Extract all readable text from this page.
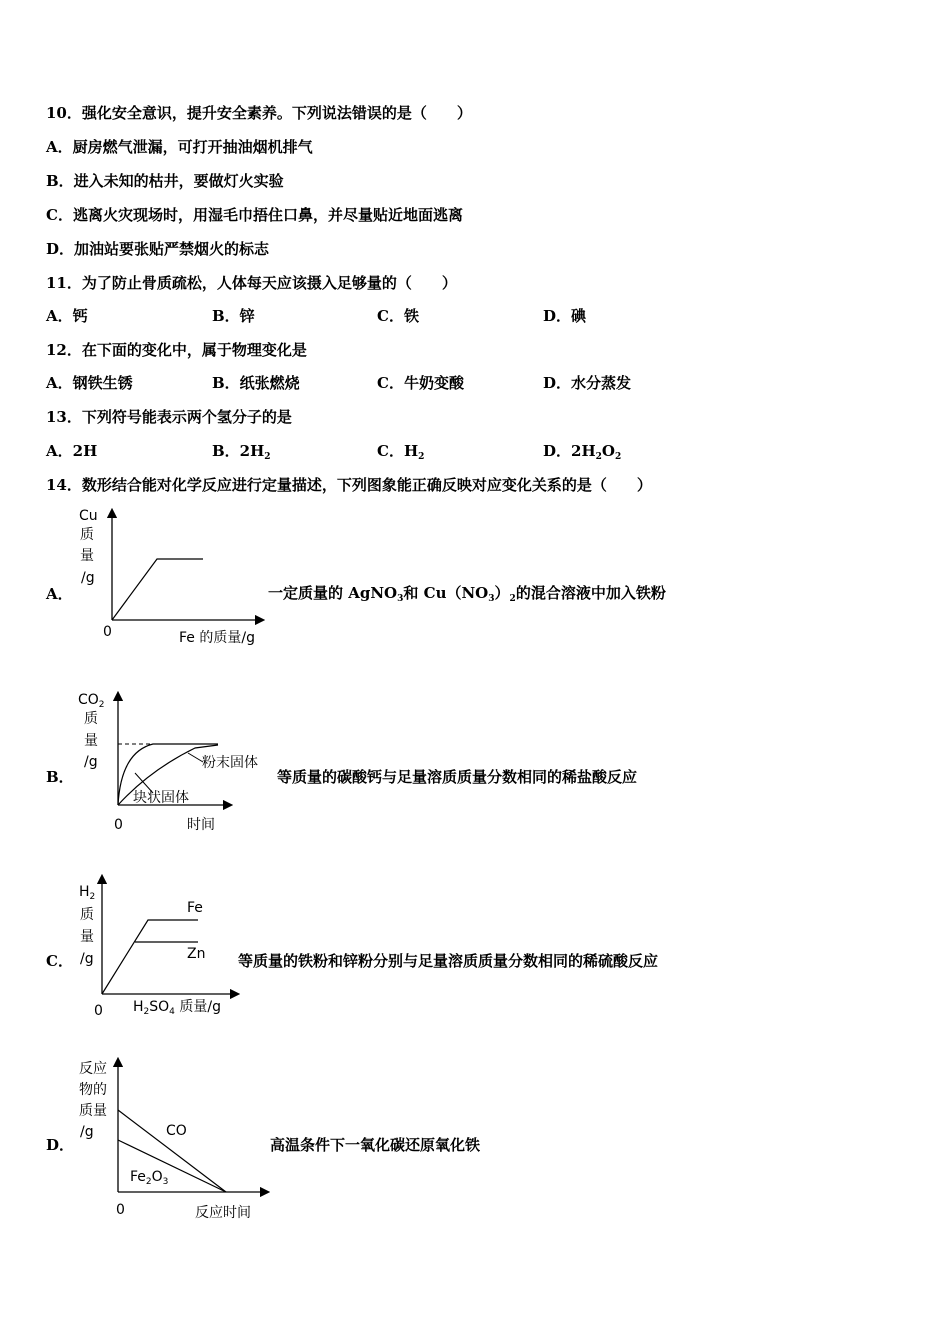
10．强化安全意识，提升安全素养。下列说法错误的是（　　）
A．厨房燃气泄漏，可打开抽油烟机排气
B．进入未知的枯井，要做灯火实验
C．逃离火灾现场时，用湿毛巾捂住口鼻，并尽量贴近地面逃离
D．加油站要张贴严禁烟火的标志
11．为了防止骨质疏松，人体每天应该摄入足够量的（　　）
A．钙	B．锌	C．铁	D．碘
12．在下面的变化中，属于物理变化是
A．钢铁生锈	B．纸张燃烧	C．牛奶变酸	D．水分蒸发
13．下列符号能表示两个氢分子的是
A．2H	B．$2H_2$	C．$H_2$	D．$2H_2O_2$
14．数形结合能对化学反应进行定量描述，下列图象能正确反映对应变化关系的是（　　）
A．
Cu
质
量
/g
0	Fe 的质量/g
一定质量的 AgNO$_3$和 $Cu(NO_3)_2$的混合溶液中加入铁粉
B．
$CO_2$
质
量
/g	粉末固体
块状固体
0	时间
等质量的碳酸钙与足量溶质质量分数相同的稀盐酸反应
C．
$H_2$
质
量
/g
Fe
Zn
0 $H_2SO_4$ 质量/g
等质量的铁粉和锌粉分别与足量溶质质量分数相同的稀硫酸反应
D．
反应
物的
质量
/g	CO
$Fe_2O_3$
0	反应时间
高温条件下一氧化碳还原氧化铁
